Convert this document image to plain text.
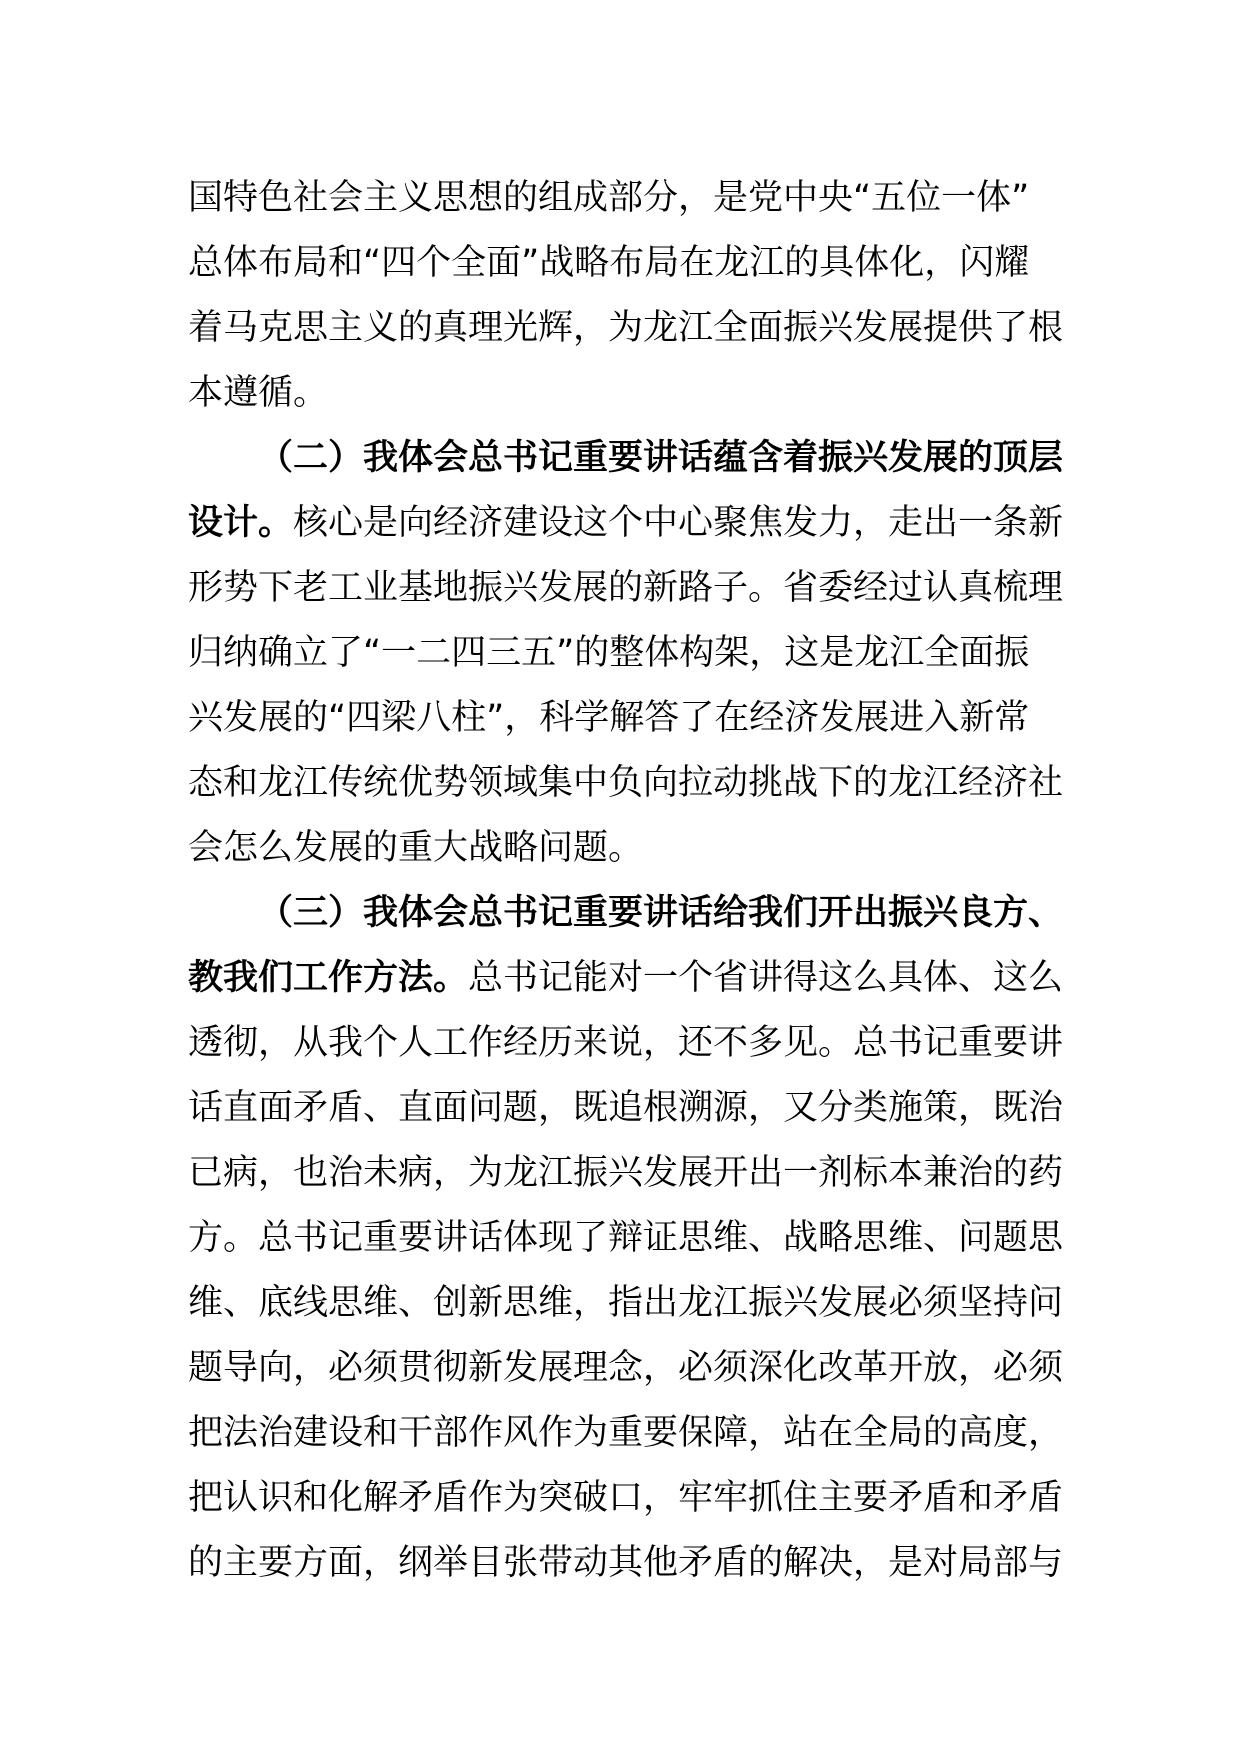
国特色社会主义思想的组成部分，是党中央“五位一体”
总体布局和“四个全面”战略布局在龙江的具体化，闪耀
着马克思主义的真理光辉，为龙江全面振兴发展提供了根
本遵循。
（二）我体会总书记重要讲话蕴含着振兴发展的顶层
设计。核心是向经济建设这个中心聚焦发力，走出一条新
形势下老工业基地振兴发展的新路子。省委经过认真梳理
归纳确立了“一二四三五”的整体构架，这是龙江全面振
兴发展的“四梁八柱”，科学解答了在经济发展进入新常
态和龙江传统优势领域集中负向拉动挑战下的龙江经济社
会怎么发展的重大战略问题。
（三）我体会总书记重要讲话给我们开出振兴良方、
教我们工作方法。总书记能对一个省讲得这么具体、这么
透彻，从我个人工作经历来说，还不多见。总书记重要讲
话直面矛盾、直面问题，既追根溯源，又分类施策，既治
已病，也治未病，为龙江振兴发展开出一剂标本兼治的药
方。总书记重要讲话体现了辩证思维、战略思维、问题思
维、底线思维、创新思维，指出龙江振兴发展必须坚持问
题导向，必须贯彻新发展理念，必须深化改革开放，必须
把法治建设和干部作风作为重要保障，站在全局的高度，
把认识和化解矛盾作为突破口，牢牢抓住主要矛盾和矛盾
的主要方面，纲举目张带动其他矛盾的解决，是对局部与
